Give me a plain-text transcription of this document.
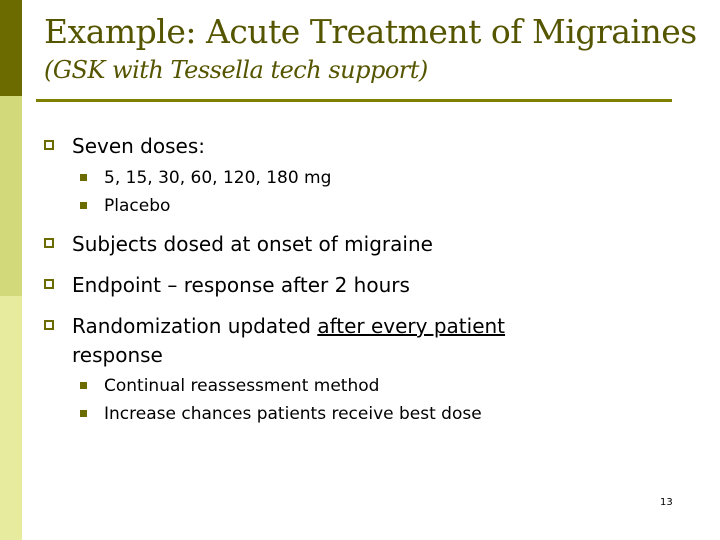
Example: Acute Treatment of Migraines
(GSK with Tessella tech support)
Seven doses:
5, 15, 30, 60, 120, 180 mg
Placebo
Subjects dosed at onset of migraine
Endpoint – response after 2 hours
Randomization updated after every patient
response
Continual reassessment method
Increase chances patients receive best dose
13
